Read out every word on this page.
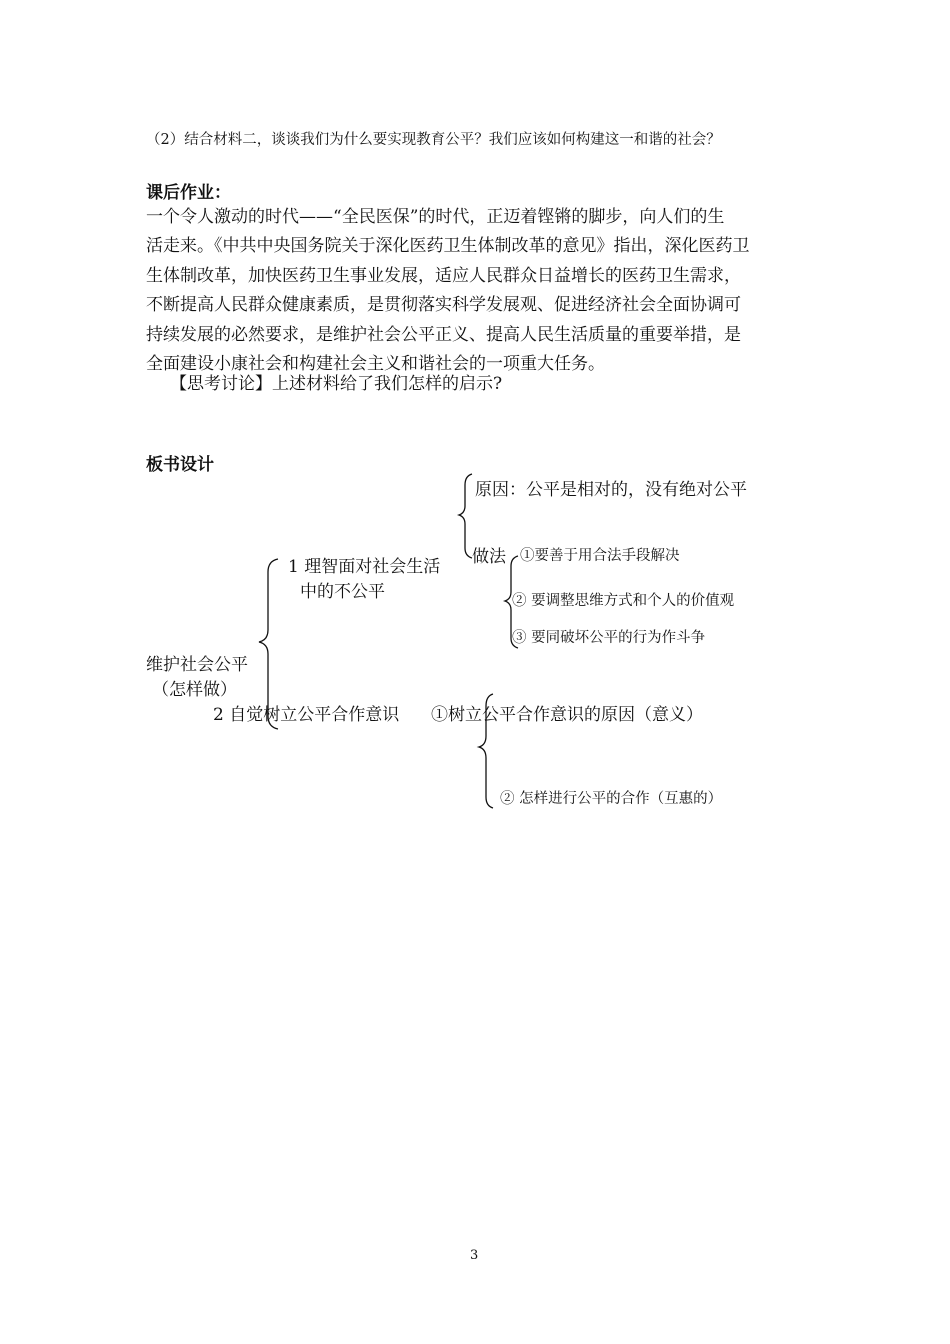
（2）结合材料二，谈谈我们为什么要实现教育公平？我们应该如何构建这一和谐的社会？
课后作业：
一个令人激动的时代——“全民医保”的时代，正迈着铿锵的脚步，向人们的生
活走来。《中共中央国务院关于深化医药卫生体制改革的意见》指出，深化医药卫
生体制改革，加快医药卫生事业发展，适应人民群众日益增长的医药卫生需求，
不断提高人民群众健康素质，是贯彻落实科学发展观、促进经济社会全面协调可
持续发展的必然要求，是维护社会公平正义、提高人民生活质量的重要举措，是
全面建设小康社会和构建社会主义和谐社会的一项重大任务。
【思考讨论】上述材料给了我们怎样的启示?
板书设计
原因：公平是相对的，没有绝对公平
做法 ①要善于用合法手段解决
1 理智面对社会生活
中的不公平	② 要调整思维方式和个人的价值观
③ 要同破坏公平的行为作斗争
维护社会公平
（怎样做）
2 自觉树立公平合作意识 ①树立公平合作意识的原因（意义）
② 怎样进行公平的合作（互惠的）
3
